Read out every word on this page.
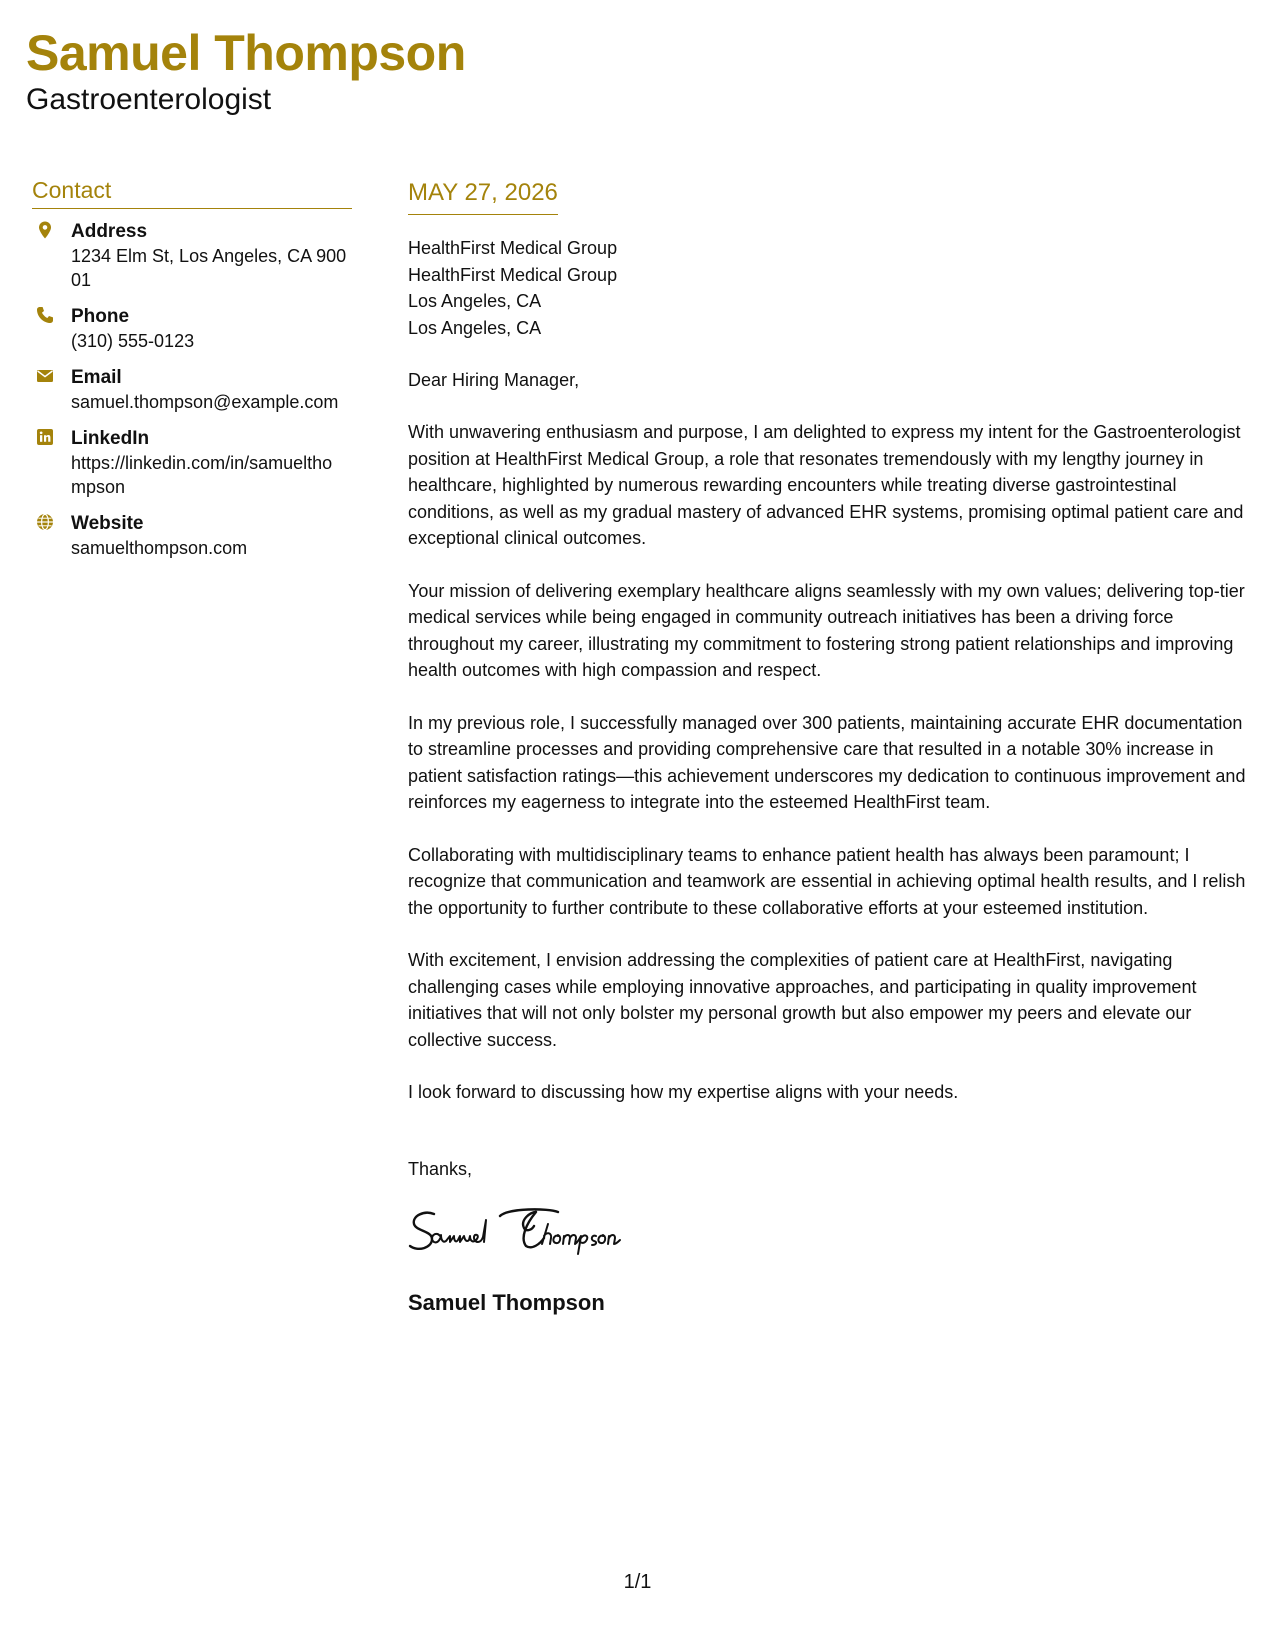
Samuel Thompson
Gastroenterologist
Contact
Address
1234 Elm St, Los Angeles, CA 90001
Phone
(310) 555-0123
Email
samuel.thompson@example.com
LinkedIn
https://linkedin.com/in/samuelthompson
Website
samuelthompson.com
MAY 27, 2026
HealthFirst Medical Group
HealthFirst Medical Group
Los Angeles, CA
Los Angeles, CA
Dear Hiring Manager,
With unwavering enthusiasm and purpose, I am delighted to express my intent for the Gastroenterologist position at HealthFirst Medical Group, a role that resonates tremendously with my lengthy journey in healthcare, highlighted by numerous rewarding encounters while treating diverse gastrointestinal conditions, as well as my gradual mastery of advanced EHR systems, promising optimal patient care and exceptional clinical outcomes.
Your mission of delivering exemplary healthcare aligns seamlessly with my own values; delivering top-tier medical services while being engaged in community outreach initiatives has been a driving force throughout my career, illustrating my commitment to fostering strong patient relationships and improving health outcomes with high compassion and respect.
In my previous role, I successfully managed over 300 patients, maintaining accurate EHR documentation to streamline processes and providing comprehensive care that resulted in a notable 30% increase in patient satisfaction ratings—this achievement underscores my dedication to continuous improvement and reinforces my eagerness to integrate into the esteemed HealthFirst team.
Collaborating with multidisciplinary teams to enhance patient health has always been paramount; I recognize that communication and teamwork are essential in achieving optimal health results, and I relish the opportunity to further contribute to these collaborative efforts at your esteemed institution.
With excitement, I envision addressing the complexities of patient care at HealthFirst, navigating challenging cases while employing innovative approaches, and participating in quality improvement initiatives that will not only bolster my personal growth but also empower my peers and elevate our collective success.
I look forward to discussing how my expertise aligns with your needs.
Thanks,
Samuel Thompson
1/1
